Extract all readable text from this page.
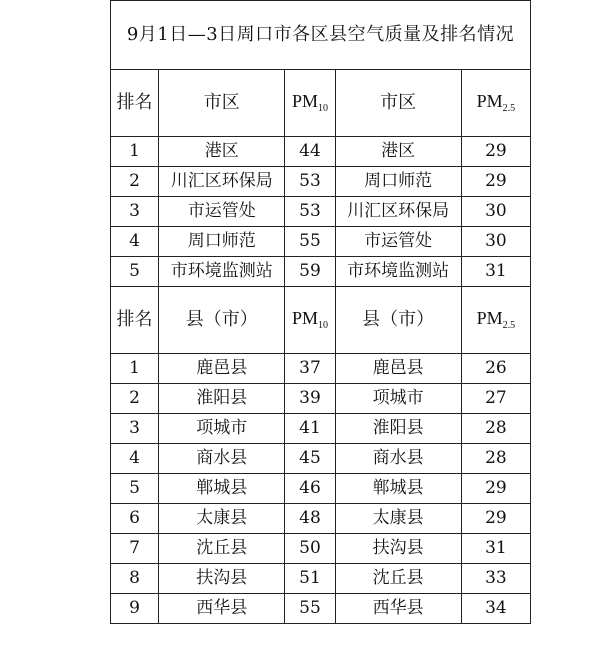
9月1日—3日周口市各区县空气质量及排名情况				
排名	市区	$PM_{10}$	市区	$PM_{2.5}$
1	港区	44	港区	29
2	川汇区环保局	53	周口师范	29
3	市运管处	53	川汇区环保局	30
4	周口师范	55	市运管处	30
5	市环境监测站	59	市环境监测站	31
排名	县（市）	$PM_{10}$	县（市）	$PM_{2.5}$
1	鹿邑县	37	鹿邑县	26
2	淮阳县	39	项城市	27
3	项城市	41	淮阳县	28
4	商水县	45	商水县	28
5	郸城县	46	郸城县	29
6	太康县	48	太康县	29
7	沈丘县	50	扶沟县	31
8	扶沟县	51	沈丘县	33
9	西华县	55	西华县	34
